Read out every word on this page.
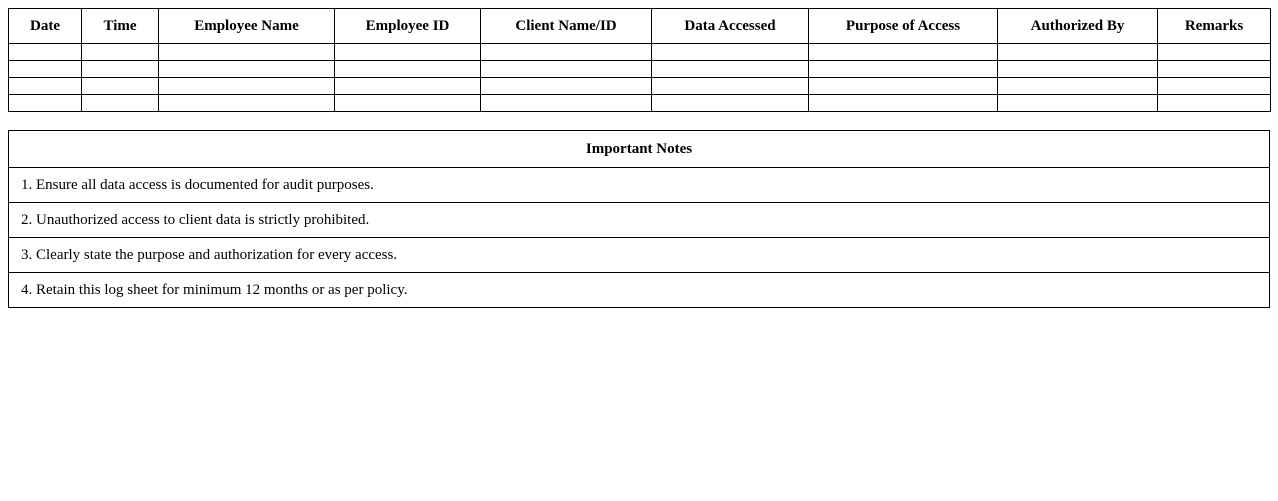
Date	Time	Employee Name	Employee ID	Client Name/ID	Data Accessed	Purpose of Access	Authorized By	Remarks

Important Notes
1. Ensure all data access is documented for audit purposes.
2. Unauthorized access to client data is strictly prohibited.
3. Clearly state the purpose and authorization for every access.
4. Retain this log sheet for minimum 12 months or as per policy.
